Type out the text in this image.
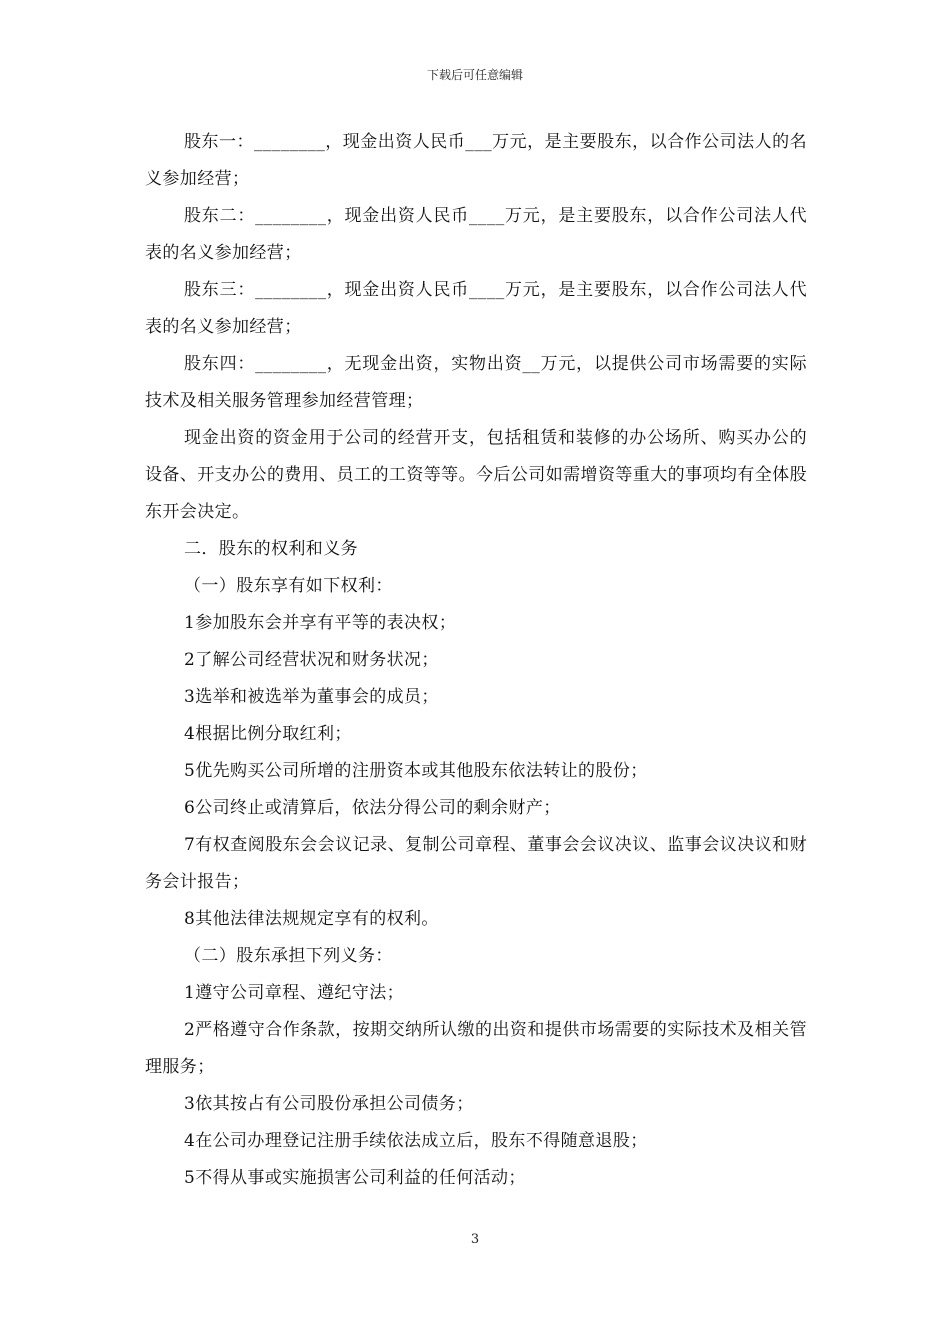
下载后可任意编辑

股东一：________，现金出资人民币___万元，是主要股东，以合作公司法人的名义参加经营；

股东二：________，现金出资人民币____万元，是主要股东，以合作公司法人代表的名义参加经营；

股东三：________，现金出资人民币____万元，是主要股东，以合作公司法人代表的名义参加经营；

股东四：________，无现金出资，实物出资__万元，以提供公司市场需要的实际技术及相关服务管理参加经营管理；

现金出资的资金用于公司的经营开支，包括租赁和装修的办公场所、购买办公的设备、开支办公的费用、员工的工资等等。今后公司如需增资等重大的事项均有全体股东开会决定。

二．股东的权利和义务

（一）股东享有如下权利：

1参加股东会并享有平等的表决权；

2了解公司经营状况和财务状况；

3选举和被选举为董事会的成员；

4根据比例分取红利；

5优先购买公司所增的注册资本或其他股东依法转让的股份；

6公司终止或清算后，依法分得公司的剩余财产；

7有权查阅股东会会议记录、复制公司章程、董事会会议决议、监事会议决议和财务会计报告；

8其他法律法规规定享有的权利。

（二）股东承担下列义务：

1遵守公司章程、遵纪守法；

2严格遵守合作条款，按期交纳所认缴的出资和提供市场需要的实际技术及相关管理服务；

3依其按占有公司股份承担公司债务；

4在公司办理登记注册手续依法成立后，股东不得随意退股；

5不得从事或实施损害公司利益的任何活动；

3
